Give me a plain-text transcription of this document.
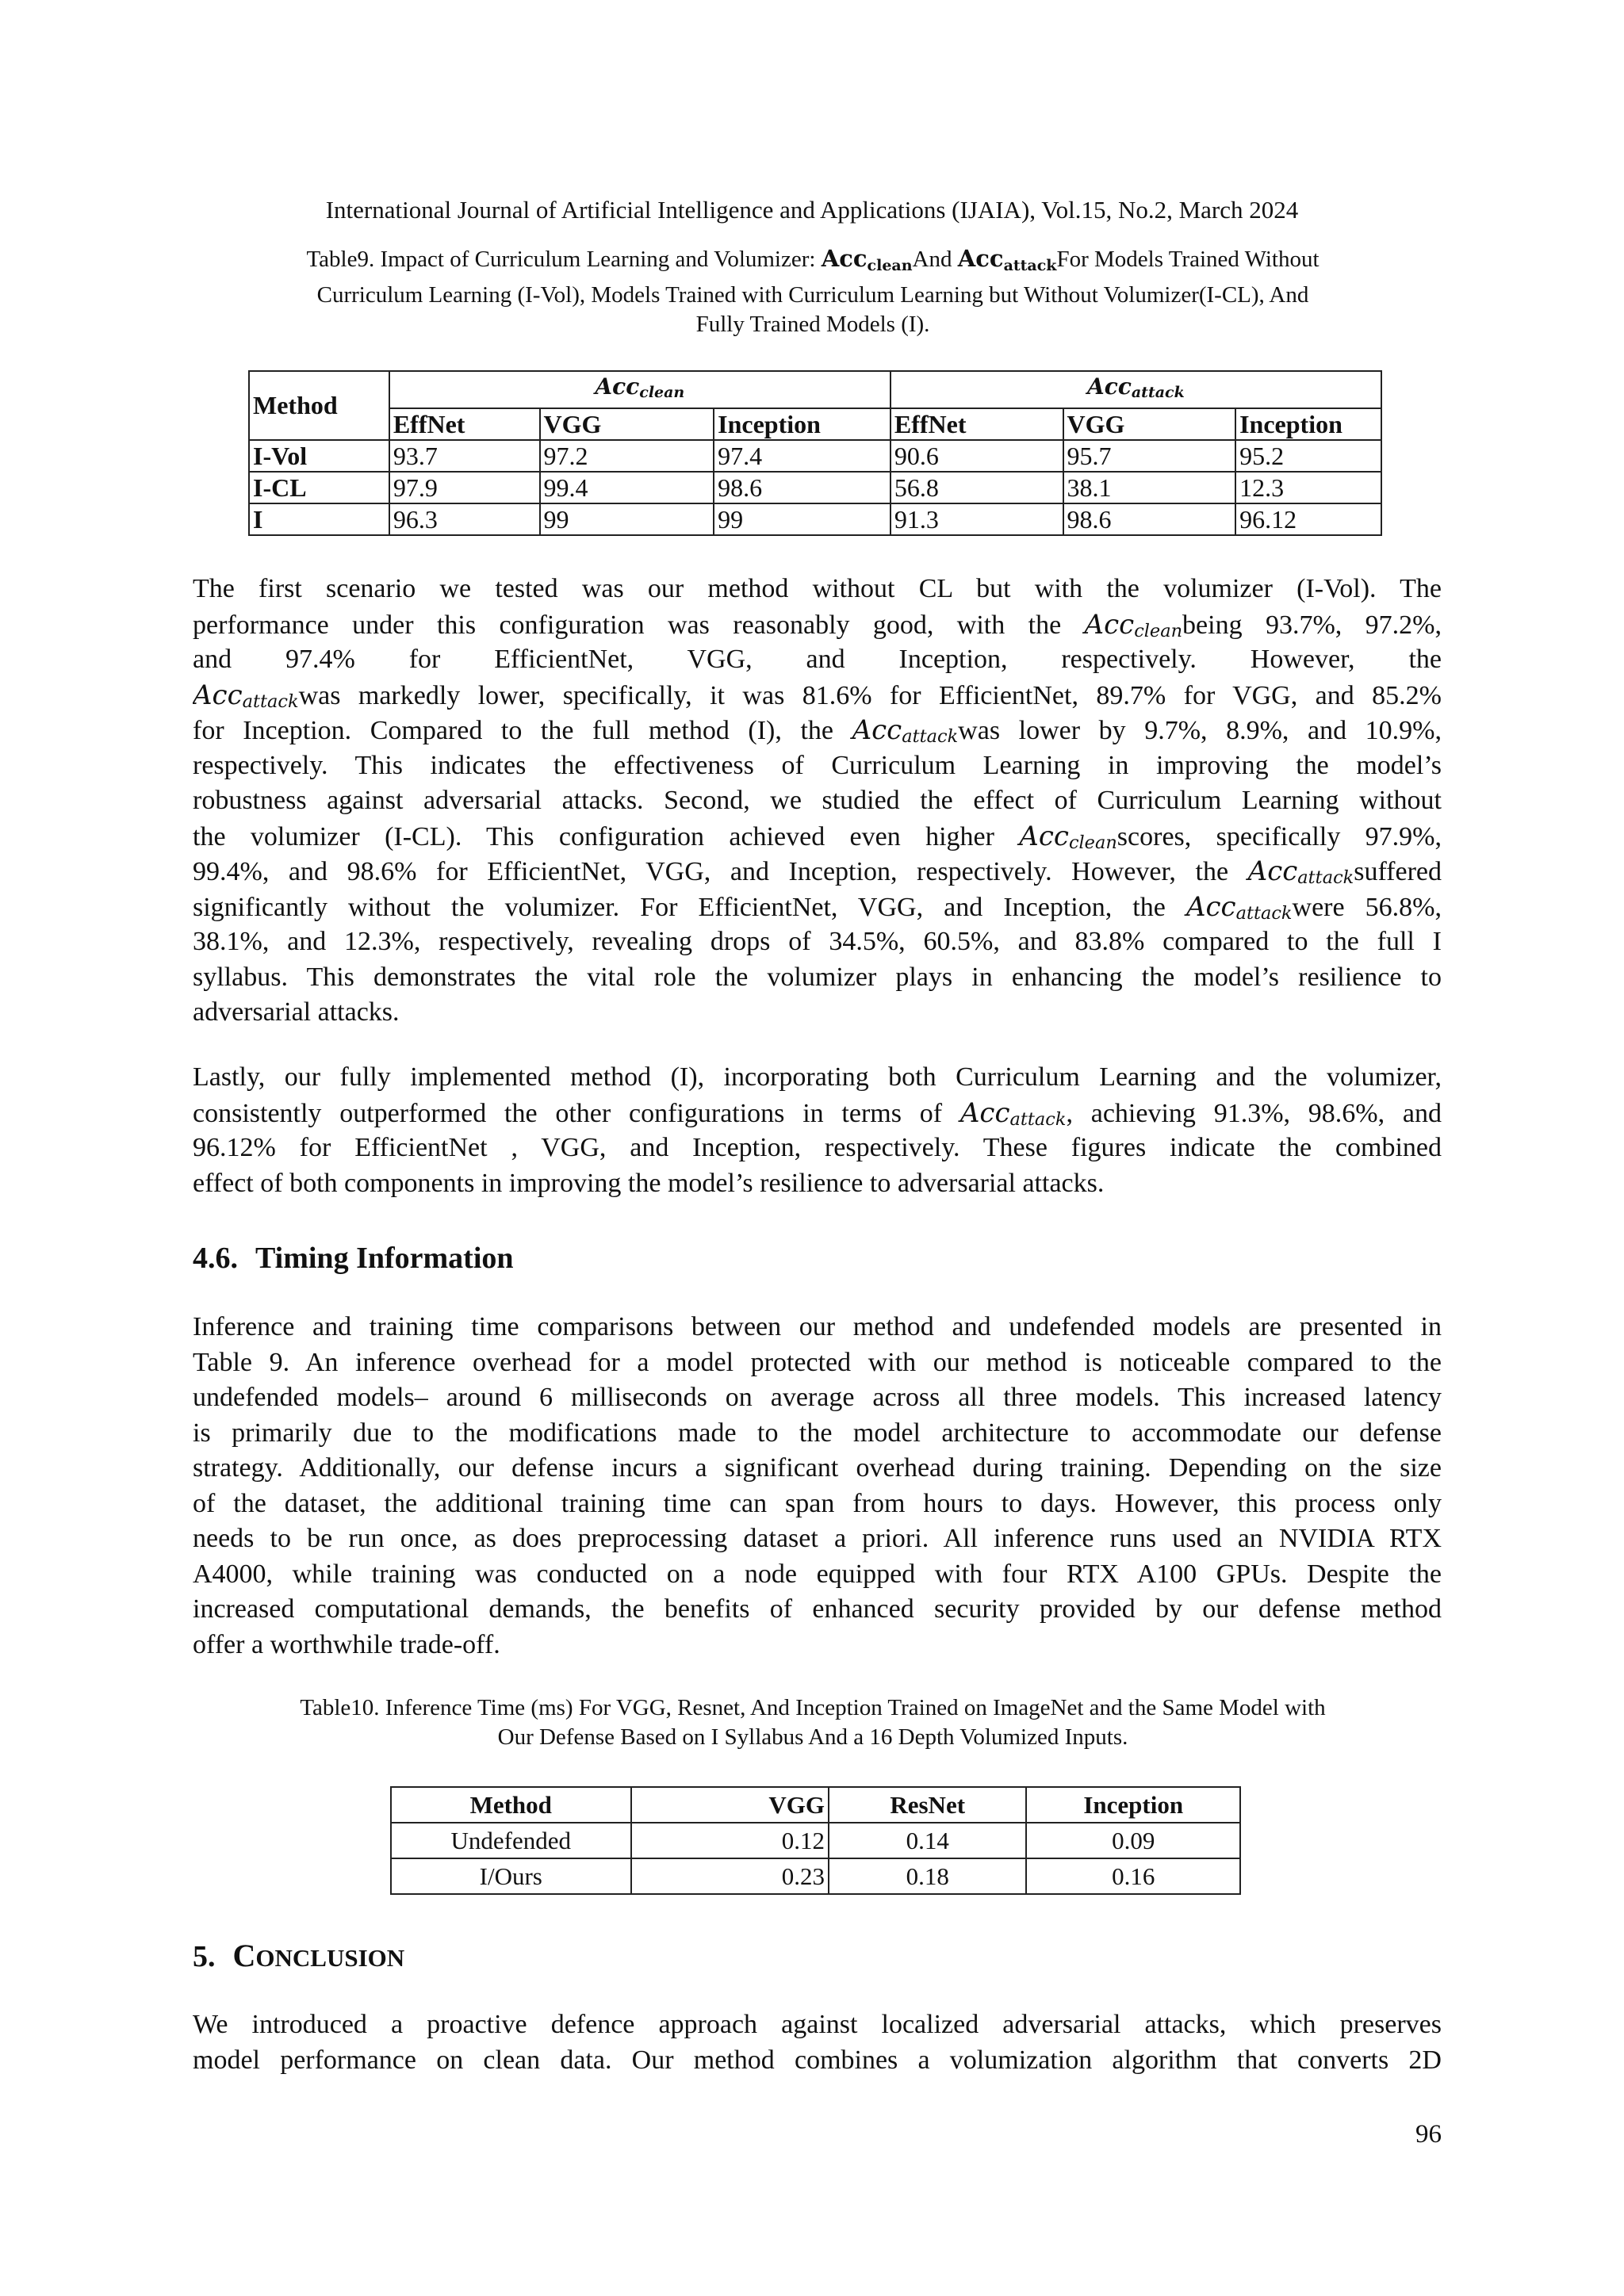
International Journal of Artificial Intelligence and Applications (IJAIA), Vol.15, No.2, March 2024
Table9. Impact of Curriculum Learning and Volumizer: Acc$_{clean}$And Acc$_{attack}$For Models Trained Without
Curriculum Learning (I-Vol), Models Trained with Curriculum Learning but Without Volumizer(I-CL), And
Fully Trained Models (I).
Method	Acc$_{clean}$			Acc$_{attack}$
	EffNet	VGG	Inception	EffNet	VGG	Inception
I-Vol	93.7	97.2	97.4	90.6	95.7	95.2
I-CL	97.9	99.4	98.6	56.8	38.1	12.3
I	96.3	99	99	91.3	98.6	96.12
The first scenario we tested was our method without CL but with the volumizer (I-Vol). The
performance under this configuration was reasonably good, with the Acc$_{clean}$being 93.7%, 97.2%,
and 97.4% for EfficientNet, VGG, and Inception, respectively. However, the
Acc$_{attack}$was markedly lower, specifically, it was 81.6% for EfficientNet, 89.7% for VGG, and 85.2%
for Inception. Compared to the full method (I), the Acc$_{attack}$was lower by 9.7%, 8.9%, and 10.9%,
respectively. This indicates the effectiveness of Curriculum Learning in improving the model’s
robustness against adversarial attacks. Second, we studied the effect of Curriculum Learning without
the volumizer (I-CL). This configuration achieved even higher Acc$_{clean}$scores, specifically 97.9%,
99.4%, and 98.6% for EfficientNet, VGG, and Inception, respectively. However, the Acc$_{attack}$suffered
significantly without the volumizer. For EfficientNet, VGG, and Inception, the Acc$_{attack}$were 56.8%,
38.1%, and 12.3%, respectively, revealing drops of 34.5%, 60.5%, and 83.8% compared to the full I
syllabus. This demonstrates the vital role the volumizer plays in enhancing the model’s resilience to
adversarial attacks.
Lastly, our fully implemented method (I), incorporating both Curriculum Learning and the volumizer,
consistently outperformed the other configurations in terms of Acc$_{attack}$, achieving 91.3%, 98.6%, and
96.12% for EfficientNet , VGG, and Inception, respectively. These figures indicate the combined
effect of both components in improving the model’s resilience to adversarial attacks.
4.6. Timing Information
Inference and training time comparisons between our method and undefended models are presented in
Table 9. An inference overhead for a model protected with our method is noticeable compared to the
undefended models– around 6 milliseconds on average across all three models. This increased latency
is primarily due to the modifications made to the model architecture to accommodate our defense
strategy. Additionally, our defense incurs a significant overhead during training. Depending on the size
of the dataset, the additional training time can span from hours to days. However, this process only
needs to be run once, as does preprocessing dataset a priori. All inference runs used an NVIDIA RTX
A4000, while training was conducted on a node equipped with four RTX A100 GPUs. Despite the
increased computational demands, the benefits of enhanced security provided by our defense method
offer a worthwhile trade-off.
Table10. Inference Time (ms) For VGG, Resnet, And Inception Trained on ImageNet and the Same Model with
Our Defense Based on I Syllabus And a 16 Depth Volumized Inputs.
Method	VGG	ResNet	Inception
Undefended	0.12	0.14	0.09
I/Ours	0.23	0.18	0.16
5. CONCLUSION
We introduced a proactive defence approach against localized adversarial attacks, which preserves
model performance on clean data. Our method combines a volumization algorithm that converts 2D
96
